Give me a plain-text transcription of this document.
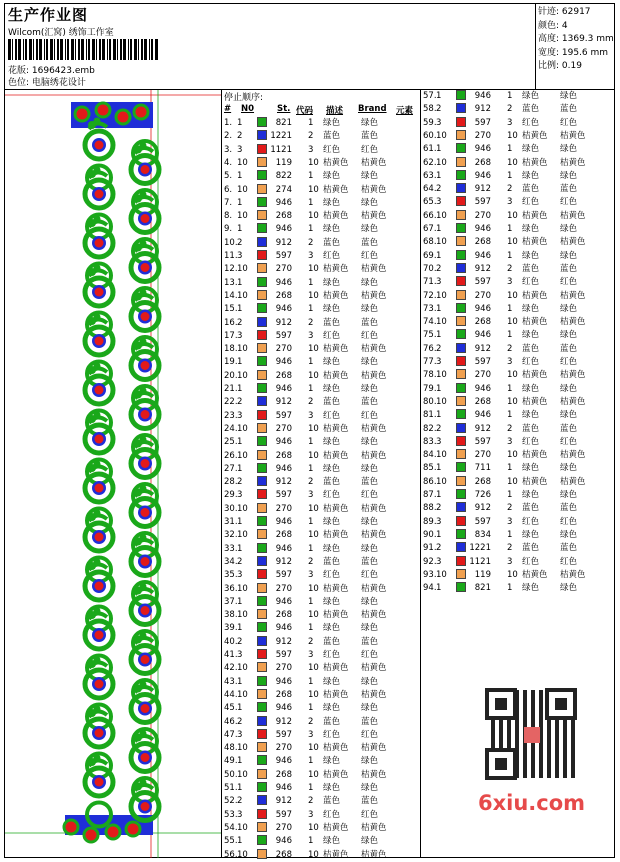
生产作业图
Wilcom(汇窝) 绣饰工作室
花版: 1696423.emb
色位: 电脑绣花设计
针迹: 62917
颜色: 4
高度: 1369.3 mm
宽度: 195.6 mm
比例: 0.19
停止顺序:
# N0	St. 代码 描述 Brand 元素
1. 1	821 1 绿色 绿色
2. 2	1221 2 蓝色 蓝色
3. 3	1121 3 红色 红色
4. 10	119 10 桔黄色 桔黄色
5. 1	822 1 绿色 绿色
6. 10	274 10 桔黄色 桔黄色
7. 1	946 1 绿色 绿色
8. 10	268 10 桔黄色 桔黄色
9. 1	946 1 绿色 绿色
10. 2	912 2 蓝色 蓝色
11. 3	597 3 红色 红色
12. 10	270 10 桔黄色 桔黄色
13. 1	946 1 绿色 绿色
14. 10	268 10 桔黄色 桔黄色
15. 1	946 1 绿色 绿色
16. 2	912 2 蓝色 蓝色
17. 3	597 3 红色 红色
18. 10	270 10 桔黄色 桔黄色
19. 1	946 1 绿色 绿色
20. 10	268 10 桔黄色 桔黄色
21. 1	946 1 绿色 绿色
22. 2	912 2 蓝色 蓝色
23. 3	597 3 红色 红色
24. 10	270 10 桔黄色 桔黄色
25. 1	946 1 绿色 绿色
26. 10	268 10 桔黄色 桔黄色
27. 1	946 1 绿色 绿色
28. 2	912 2 蓝色 蓝色
29. 3	597 3 红色 红色
30. 10	270 10 桔黄色 桔黄色
31. 1	946 1 绿色 绿色
32. 10	268 10 桔黄色 桔黄色
33. 1	946 1 绿色 绿色
34. 2	912 2 蓝色 蓝色
35. 3	597 3 红色 红色
36. 10	270 10 桔黄色 桔黄色
37. 1	946 1 绿色 绿色
38. 10	268 10 桔黄色 桔黄色
39. 1	946 1 绿色 绿色
40. 2	912 2 蓝色 蓝色
41. 3	597 3 红色 红色
42. 10	270 10 桔黄色 桔黄色
43. 1	946 1 绿色 绿色
44. 10	268 10 桔黄色 桔黄色
45. 1	946 1 绿色 绿色
46. 2	912 2 蓝色 蓝色
47. 3	597 3 红色 红色
48. 10	270 10 桔黄色 桔黄色
49. 1	946 1 绿色 绿色
50. 10	268 10 桔黄色 桔黄色
51. 1	946 1 绿色 绿色
52. 2	912 2 蓝色 蓝色
53. 3	597 3 红色 红色
54. 10	270 10 桔黄色 桔黄色
55. 1	946 1 绿色 绿色
56. 10	268 10 桔黄色 桔黄色
57. 1	946 1 绿色 绿色
58. 2	912 2 蓝色 蓝色
59. 3	597 3 红色 红色
60. 10	270 10 桔黄色 桔黄色
61. 1	946 1 绿色 绿色
62. 10	268 10 桔黄色 桔黄色
63. 1	946 1 绿色 绿色
64. 2	912 2 蓝色 蓝色
65. 3	597 3 红色 红色
66. 10	270 10 桔黄色 桔黄色
67. 1	946 1 绿色 绿色
68. 10	268 10 桔黄色 桔黄色
69. 1	946 1 绿色 绿色
70. 2	912 2 蓝色 蓝色
71. 3	597 3 红色 红色
72. 10	270 10 桔黄色 桔黄色
73. 1	946 1 绿色 绿色
74. 10	268 10 桔黄色 桔黄色
75. 1	946 1 绿色 绿色
76. 2	912 2 蓝色 蓝色
77. 3	597 3 红色 红色
78. 10	270 10 桔黄色 桔黄色
79. 1	946 1 绿色 绿色
80. 10	268 10 桔黄色 桔黄色
81. 1	946 1 绿色 绿色
82. 2	912 2 蓝色 蓝色
83. 3	597 3 红色 红色
84. 10	270 10 桔黄色 桔黄色
85. 1	711 1 绿色 绿色
86. 10	268 10 桔黄色 桔黄色
87. 1	726 1 绿色 绿色
88. 2	912 2 蓝色 蓝色
89. 3	597 3 红色 红色
90. 1	834 1 绿色 绿色
91. 2	1221 2 蓝色 蓝色
92. 3	1121 3 红色 红色
93. 10	119 10 桔黄色 桔黄色
94. 1	821 1 绿色 绿色
6xiu.com
